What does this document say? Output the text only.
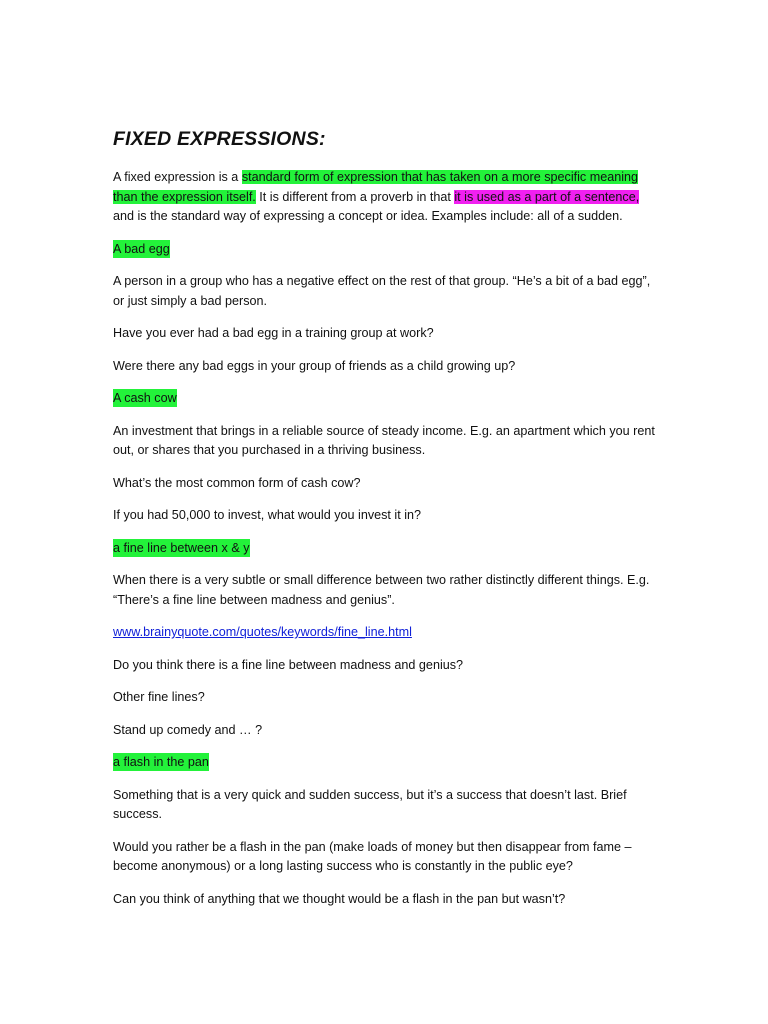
FIXED EXPRESSIONS:

A fixed expression is a standard form of expression that has taken on a more specific meaning than the expression itself. It is different from a proverb in that it is used as a part of a sentence, and is the standard way of expressing a concept or idea. Examples include: all of a sudden.

A bad egg

A person in a group who has a negative effect on the rest of that group. “He’s a bit of a bad egg”, or just simply a bad person.

Have you ever had a bad egg in a training group at work?

Were there any bad eggs in your group of friends as a child growing up?

A cash cow

An investment that brings in a reliable source of steady income. E.g. an apartment which you rent out, or shares that you purchased in a thriving business.

What’s the most common form of cash cow?

If you had 50,000 to invest, what would you invest it in?

a fine line between x & y

When there is a very subtle or small difference between two rather distinctly different things. E.g. “There’s a fine line between madness and genius”.

www.brainyquote.com/quotes/keywords/fine_line.html

Do you think there is a fine line between madness and genius?

Other fine lines?

Stand up comedy and … ?

a flash in the pan

Something that is a very quick and sudden success, but it’s a success that doesn’t last. Brief success.

Would you rather be a flash in the pan (make loads of money but then disappear from fame – become anonymous) or a long lasting success who is constantly in the public eye?

Can you think of anything that we thought would be a flash in the pan but wasn’t?
